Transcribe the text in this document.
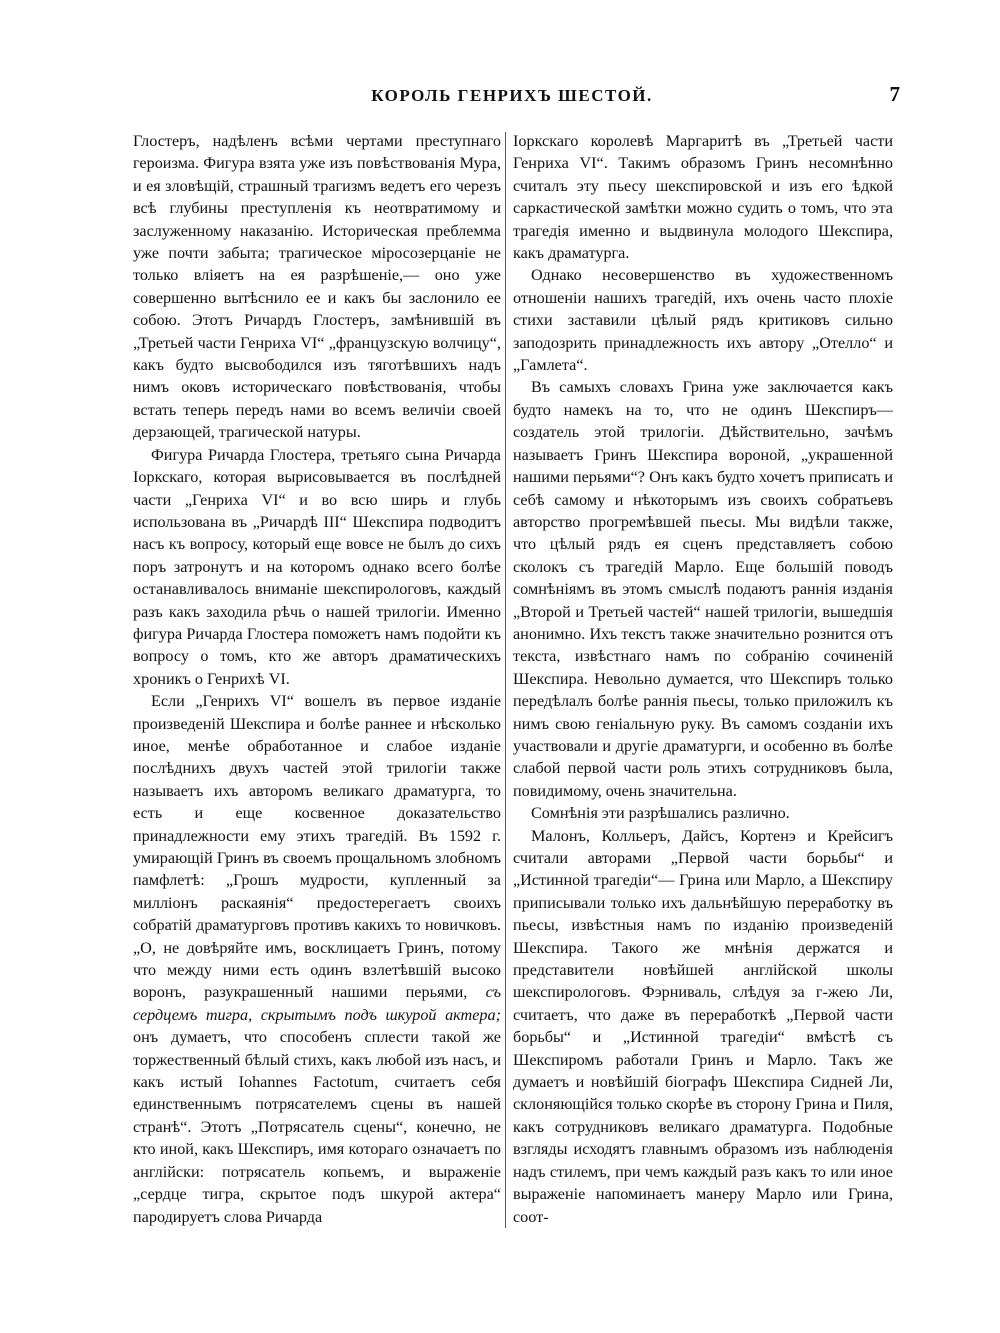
КОРОЛЬ ГЕНРИХЪ ШЕСТОЙ.	7

Глостеръ, надѣленъ всѣми чертами преступнаго героизма. Фигура взята уже изъ повѣствованія Мура, и ея зловѣщій, страшный трагизмъ ведетъ его черезъ всѣ глубины преступленія къ неотвратимому и заслуженному наказанію. Историческая преблемма уже почти забыта; трагическое міросозерцаніе не только вліяетъ на ея разрѣшеніе,— оно уже совершенно вытѣснило ее и какъ бы заслонило ее собою. Этотъ Ричардъ Глостеръ, замѣнившій въ „Третьей части Генриха VI“ „французскую волчицу“, какъ будто высвободился изъ тяготѣвшихъ надъ нимъ оковъ историческаго повѣствованія, чтобы встать теперь передъ нами во всемъ величіи своей дерзающей, трагической натуры.

Фигура Ричарда Глостера, третьяго сына Ричарда Іоркскаго, которая вырисовывается въ послѣдней части „Генриха VI“ и во всю ширь и глубь использована въ „Ричардѣ III“ Шекспира подводитъ насъ къ вопросу, который еще вовсе не былъ до сихъ поръ затронутъ и на которомъ однако всего болѣе останавливалось вниманіе шекспирологовъ, каждый разъ какъ заходила рѣчь о нашей трилогіи. Именно фигура Ричарда Глостера поможетъ намъ подойти къ вопросу о томъ, кто же авторъ драматическихъ хроникъ о Генрихѣ VI.

Если „Генрихъ VI“ вошелъ въ первое изданіе произведеній Шекспира и болѣе раннее и нѣсколько иное, менѣе обработанное и слабое изданіе послѣднихъ двухъ частей этой трилогіи также называетъ ихъ авторомъ великаго драматурга, то есть и еще косвенное доказательство принадлежности ему этихъ трагедій. Въ 1592 г. умирающій Гринъ въ своемъ прощальномъ злобномъ памфлетѣ: „Грошъ мудрости, купленный за милліонъ раскаянія“ предостерегаетъ своихъ собратій драматурговъ противъ какихъ то новичковъ. „О, не довѣряйте имъ, восклицаетъ Гринъ, потому что между ними есть одинъ взлетѣвшій высоко воронъ, разукрашенный нашими перьями, съ сердцемъ тигра, скрытымъ подъ шкурой актера; онъ думаетъ, что способенъ сплести такой же торжественный бѣлый стихъ, какъ любой изъ насъ, и какъ истый Iohannes Factotum, считаетъ себя единственнымъ потрясателемъ сцены въ нашей странѣ“. Этотъ „Потрясатель сцены“, конечно, не кто иной, какъ Шекспиръ, имя котораго означаетъ по англійски: потрясатель копьемъ, и выраженіе „сердце тигра, скрытое подъ шкурой актера“ пародируетъ слова Ричарда

Іоркскаго королевѣ Маргаритѣ въ „Третьей части Генриха VI“. Такимъ образомъ Гринъ несомнѣнно считалъ эту пьесу шекспировской и изъ его ѣдкой саркастической замѣтки можно судить о томъ, что эта трагедія именно и выдвинула молодого Шекспира, какъ драматурга.

Однако несовершенство въ художественномъ отношеніи нашихъ трагедій, ихъ очень часто плохіе стихи заставили цѣлый рядъ критиковъ сильно заподозрить принадлежность ихъ автору „Отелло“ и „Гамлета“.

Въ самыхъ словахъ Грина уже заключается какъ будто намекъ на то, что не одинъ Шекспиръ—создатель этой трилогіи. Дѣйствительно, зачѣмъ называетъ Гринъ Шекспира вороной, „украшенной нашими перьями“? Онъ какъ будто хочетъ приписать и себѣ самому и нѣкоторымъ изъ своихъ собратьевъ авторство прогремѣвшей пьесы. Мы видѣли также, что цѣлый рядъ ея сценъ представляетъ собою сколокъ съ трагедій Марло. Еще большій поводъ сомнѣніямъ въ этомъ смыслѣ подаютъ раннія изданія „Второй и Третьей частей“ нашей трилогіи, вышедшія анонимно. Ихъ текстъ также значительно рознится отъ текста, извѣстнаго намъ по собранію сочиненій Шекспира. Невольно думается, что Шекспиръ только передѣлалъ болѣе раннія пьесы, только приложилъ къ нимъ свою геніальную руку. Въ самомъ созданіи ихъ участвовали и другіе драматурги, и особенно въ болѣе слабой первой части роль этихъ сотрудниковъ была, повидимому, очень значительна.

Сомнѣнія эти разрѣшались различно.

Малонъ, Колльеръ, Дайсъ, Кортенэ и Крейсигъ считали авторами „Первой части борьбы“ и „Истинной трагедіи“— Грина или Марло, а Шекспиру приписывали только ихъ дальнѣйшую переработку въ пьесы, извѣстныя намъ по изданію произведеній Шекспира. Такого же мнѣнія держатся и представители новѣйшей англійской школы шекспирологовъ. Фэрниваль, слѣдуя за г-жею Ли, считаетъ, что даже въ переработкѣ „Первой части борьбы“ и „Истинной трагедіи“ вмѣстѣ съ Шекспиромъ работали Гринъ и Марло. Такъ же думаетъ и новѣйшій біографъ Шекспира Сидней Ли, склоняющійся только скорѣе въ сторону Грина и Пиля, какъ сотрудниковъ великаго драматурга. Подобные взгляды исходятъ главнымъ образомъ изъ наблюденія надъ стилемъ, при чемъ каждый разъ какъ то или иное выраженіе напоминаетъ манеру Марло или Грина, соот-
